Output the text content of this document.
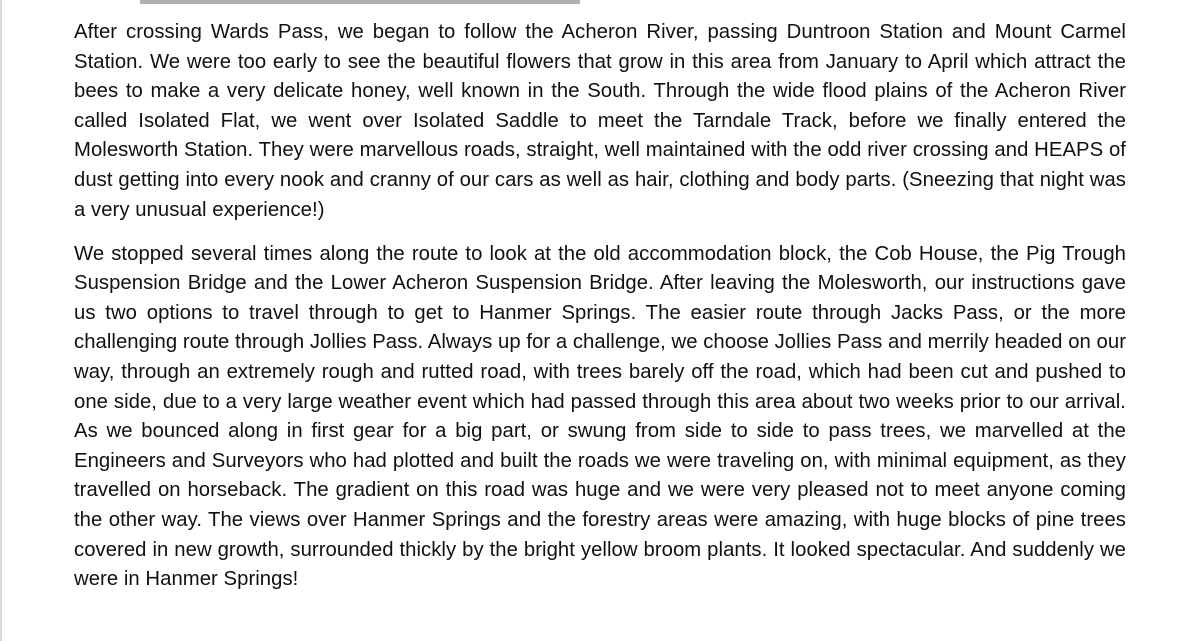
After crossing Wards Pass, we began to follow the Acheron River, passing Duntroon Station and Mount Carmel Station. We were too early to see the beautiful flowers that grow in this area from January to April which attract the bees to make a very delicate honey, well known in the South. Through the wide flood plains of the Acheron River called Isolated Flat, we went over Isolated Saddle to meet the Tarndale Track, before we finally entered the Molesworth Station. They were marvellous roads, straight, well maintained with the odd river crossing and HEAPS of dust getting into every nook and cranny of our cars as well as hair, clothing and body parts. (Sneezing that night was a very unusual experience!)

We stopped several times along the route to look at the old accommodation block, the Cob House, the Pig Trough Suspension Bridge and the Lower Acheron Suspension Bridge. After leaving the Molesworth, our instructions gave us two options to travel through to get to Hanmer Springs. The easier route through Jacks Pass, or the more challenging route through Jollies Pass. Always up for a challenge, we choose Jollies Pass and merrily headed on our way, through an extremely rough and rutted road, with trees barely off the road, which had been cut and pushed to one side, due to a very large weather event which had passed through this area about two weeks prior to our arrival. As we bounced along in first gear for a big part, or swung from side to side to pass trees, we marvelled at the Engineers and Surveyors who had plotted and built the roads we were traveling on, with minimal equipment, as they travelled on horseback. The gradient on this road was huge and we were very pleased not to meet anyone coming the other way. The views over Hanmer Springs and the forestry areas were amazing, with huge blocks of pine trees covered in new growth, surrounded thickly by the bright yellow broom plants. It looked spectacular. And suddenly we were in Hanmer Springs!
